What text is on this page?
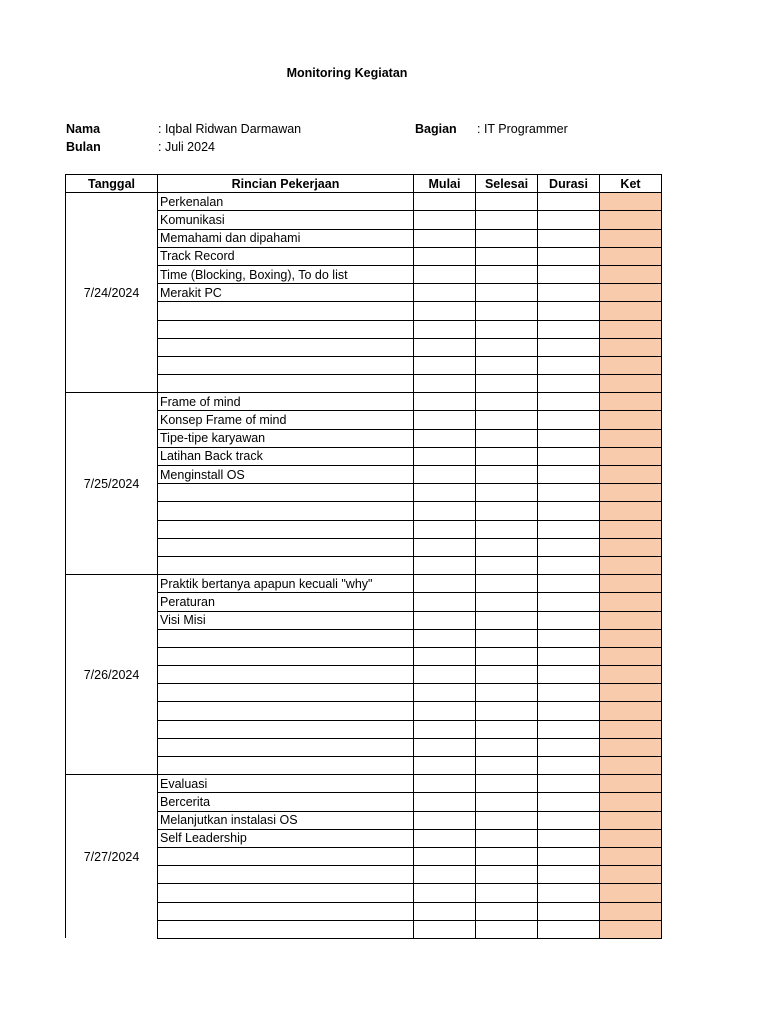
Monitoring Kegiatan
Nama	: Iqbal Ridwan Darmawan	Bagian : IT Programmer
Bulan	: Juli 2024
Tanggal	Rincian Pekerjaan	Mulai	Selesai	Durasi	Ket
7/24/2024	Perkenalan				
	Komunikasi				
	Memahami dan dipahami				
	Track Record				
	Time (Blocking, Boxing), To do list				
	Merakit PC				

7/25/2024	Frame of mind				
	Konsep Frame of mind				
	Tipe-tipe karyawan				
	Latihan Back track				
	Menginstall OS				

7/26/2024	Praktik bertanya apapun kecuali "why"				
	Peraturan				
	Visi Misi				

7/27/2024	Evaluasi				
	Bercerita				
	Melanjutkan instalasi OS				
	Self Leadership				
